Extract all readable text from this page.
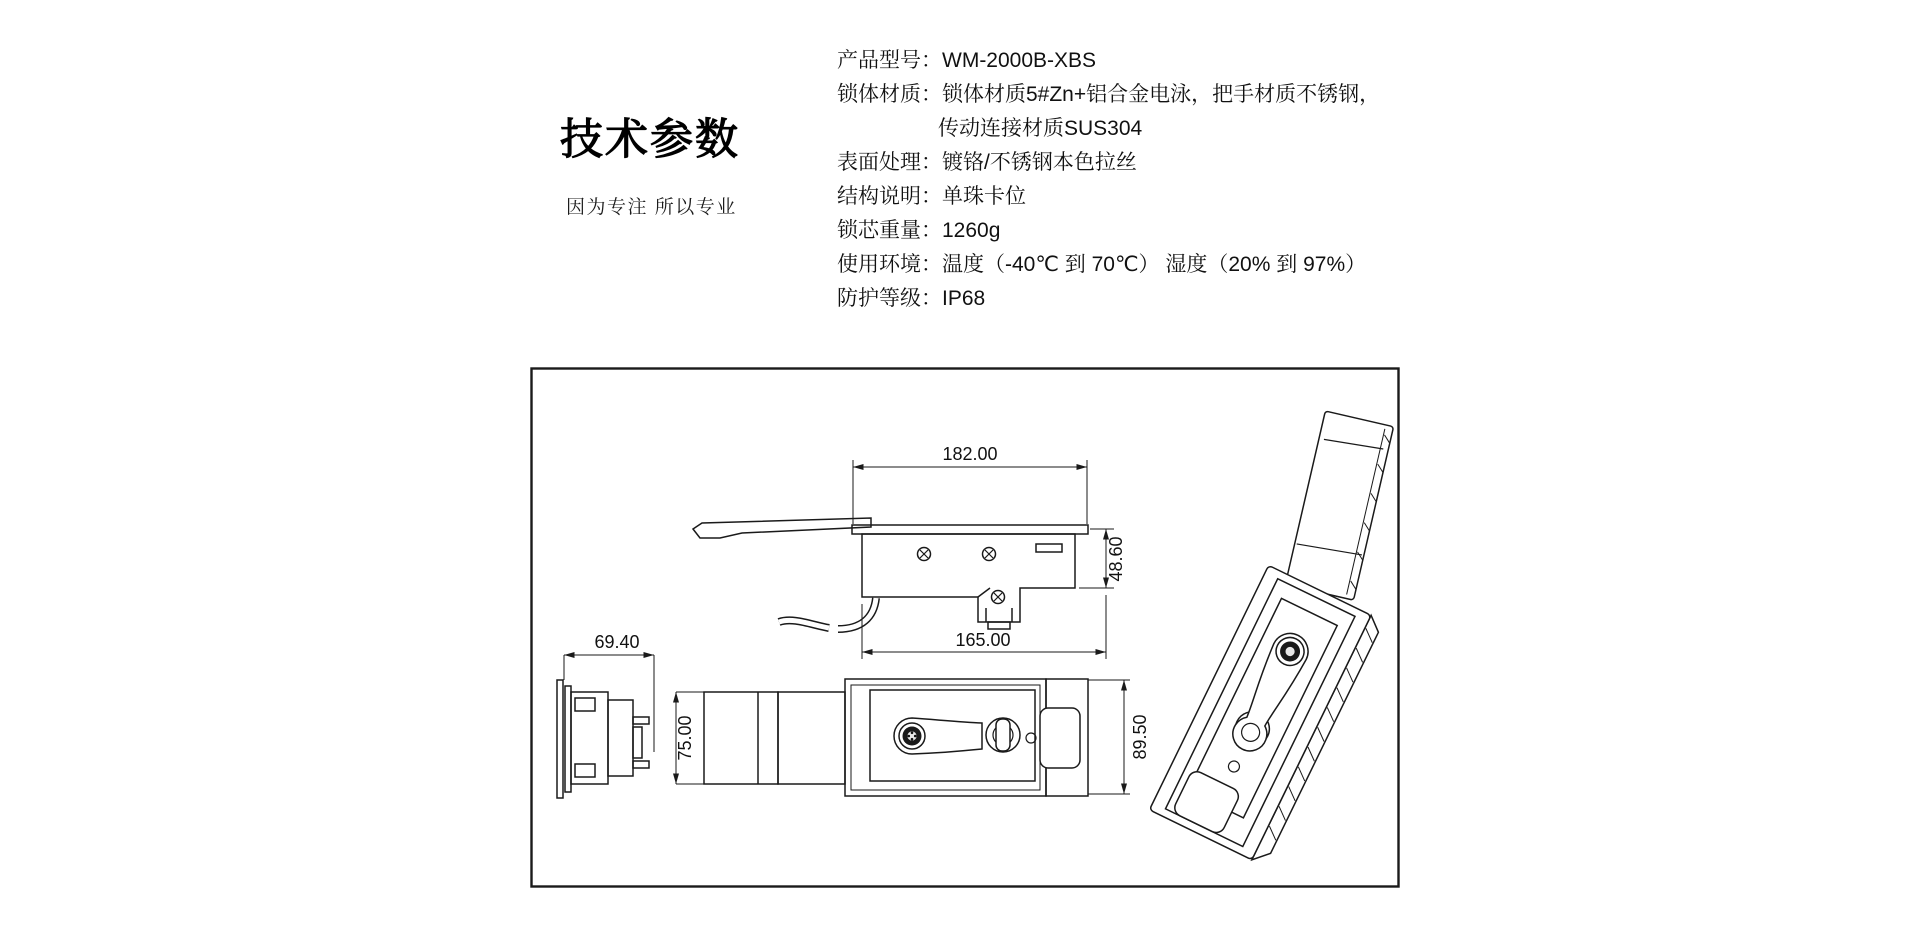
技术参数
因为专注 所以专业
产品型号： WM-2000B-XBS
锁体材质： 锁体材质5#Zn+铝合金电泳，把手材质不锈钢，
传动连接材质SUS304
表面处理： 镀铬/不锈钢本色拉丝
结构说明： 单珠卡位
锁芯重量： 1260g
使用环境： 温度（-40℃ 到 70℃） 湿度（20% 到 97%）
防护等级： IP68
182.00
48.60
165.00
69.40
75.00	89.50
